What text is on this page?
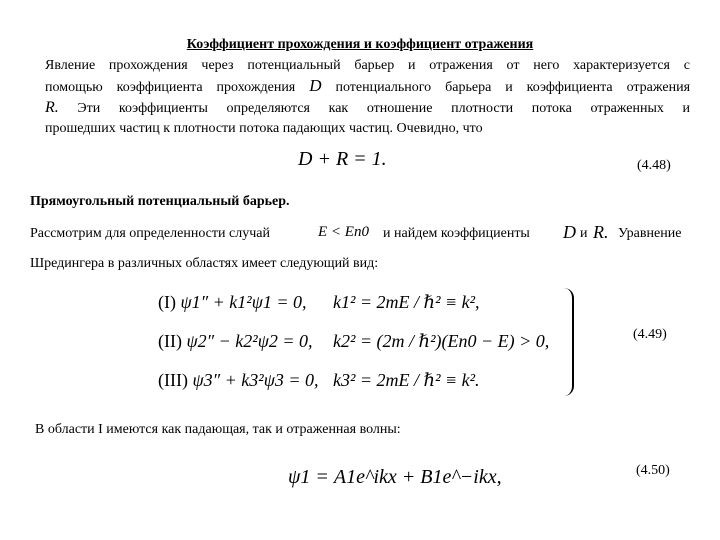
Коэффициент прохождения и коэффициент отражения
Явление прохождения через потенциальный барьер и отражения от него характеризуется с
помощью коэффициента прохождения D потенциального барьера и коэффициента отражения
R. Эти коэффициенты определяются как отношение плотности потока отраженных и
прошедших частиц к плотности потока падающих частиц. Очевидно, что
D + R = 1.	(4.48)
Прямоугольный потенциальный барьер.
Рассмотрим для определенности случай	E < En0 и найдем коэффициенты D и R. Уравнение
Шредингера в различных областях имеет следующий вид:
(I) ψ1″ + k1²ψ1 = 0, k1² = 2mE / ℏ² ≡ k²,
(II) ψ2″ − k2²ψ2 = 0, k2² = (2m / ℏ²)(En0 − E) > 0,
(III) ψ3″ + k3²ψ3 = 0, k3² = 2mE / ℏ² ≡ k².
(4.49)
В области I имеются как падающая, так и отраженная волны:
ψ1 = A1e^ikx + B1e^−ikx,	(4.50)
